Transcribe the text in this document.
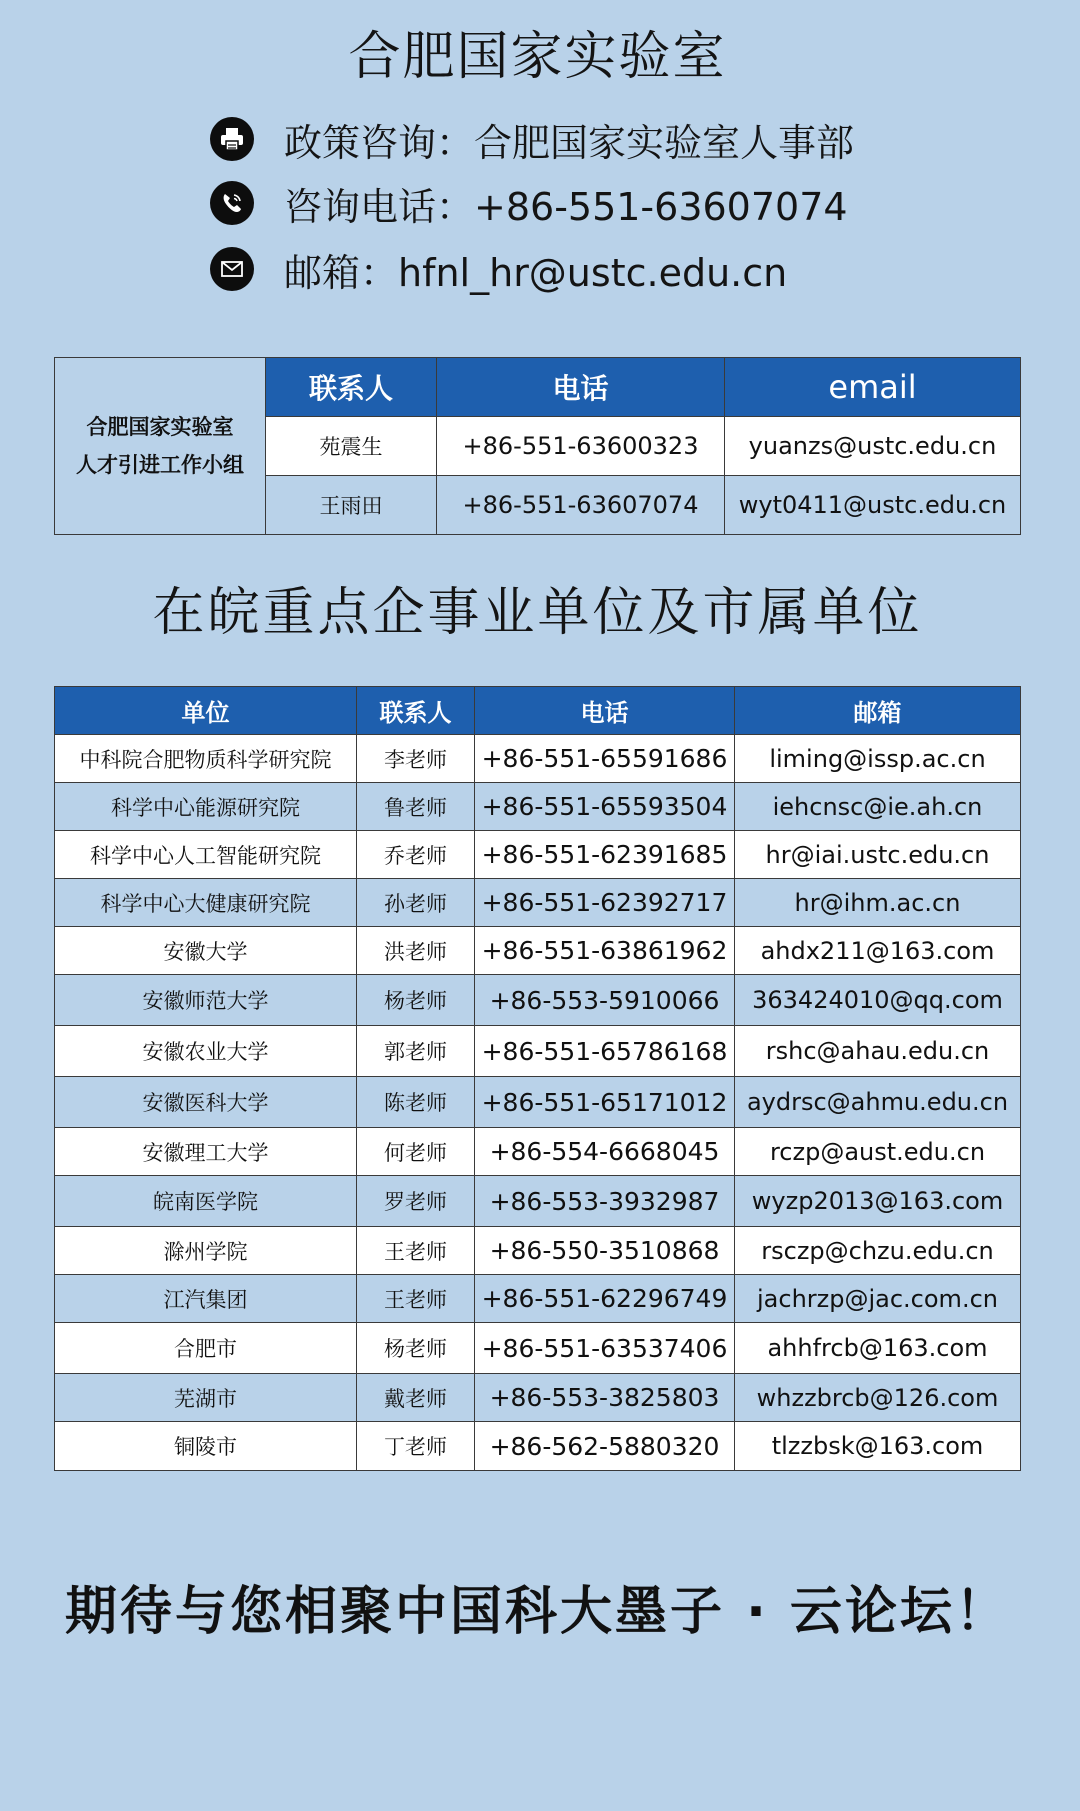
合肥国家实验室
政策咨询：合肥国家实验室人事部
咨询电话：+86-551-63607074
邮箱：hfnl_hr@ustc.edu.cn
合肥国家实验室
人才引进工作小组
联系人	电话	email
苑震生	+86-551-63600323	yuanzs@ustc.edu.cn
王雨田	+86-551-63607074	wyt0411@ustc.edu.cn
在皖重点企事业单位及市属单位
单位	联系人	电话	邮箱
中科院合肥物质科学研究院	李老师	+86-551-65591686	liming@issp.ac.cn
科学中心能源研究院	鲁老师	+86-551-65593504	iehcnsc@ie.ah.cn
科学中心人工智能研究院	乔老师	+86-551-62391685	hr@iai.ustc.edu.cn
科学中心大健康研究院	孙老师	+86-551-62392717	hr@ihm.ac.cn
安徽大学	洪老师	+86-551-63861962	ahdx211@163.com
安徽师范大学	杨老师	+86-553-5910066	363424010@qq.com
安徽农业大学	郭老师	+86-551-65786168	rshc@ahau.edu.cn
安徽医科大学	陈老师	+86-551-65171012 aydrsc@ahmu.edu.cn
安徽理工大学	何老师	+86-554-6668045	rczp@aust.edu.cn
皖南医学院	罗老师	+86-553-3932987	wyzp2013@163.com
滁州学院	王老师	+86-550-3510868	rsczp@chzu.edu.cn
江汽集团	王老师	+86-551-62296749	jachrzp@jac.com.cn
合肥市	杨老师	+86-551-63537406	ahhfrcb@163.com
芜湖市	戴老师	+86-553-3825803	whzzbrcb@126.com
铜陵市	丁老师	+86-562-5880320	tlzzbsk@163.com
期待与您相聚中国科大墨子 · 云论坛！
